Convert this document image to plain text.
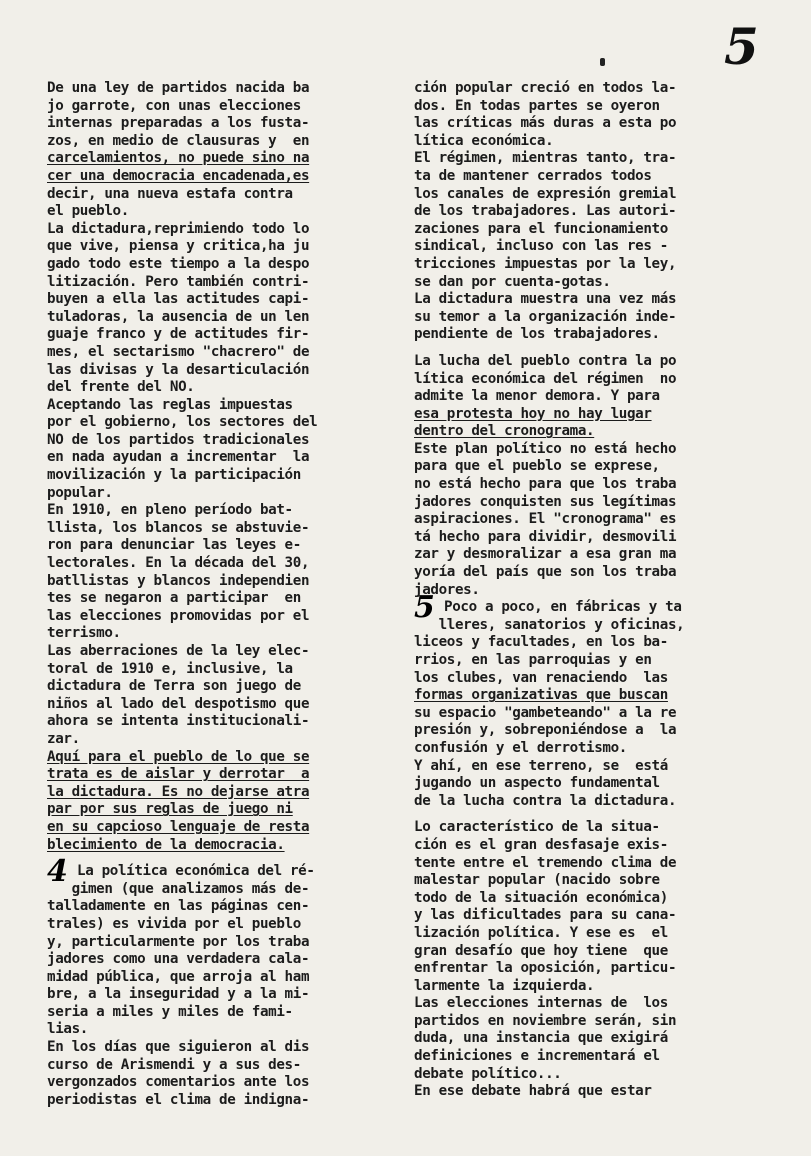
5
De una ley de partidos nacida ba
jo garrote, con unas elecciones
internas preparadas a los fusta-
zos, en medio de clausuras y  en
carcelamientos, no puede sino na
cer una democracia encadenada,es
decir, una nueva estafa contra
el pueblo.
La dictadura,reprimiendo todo lo
que vive, piensa y critica,ha ju
gado todo este tiempo a la despo
litización. Pero también contri-
buyen a ella las actitudes capi-
tuladoras, la ausencia de un len
guaje franco y de actitudes fir-
mes, el sectarismo "chacrero" de
las divisas y la desarticulación
del frente del NO.
Aceptando las reglas impuestas
por el gobierno, los sectores del
NO de los partidos tradicionales
en nada ayudan a incrementar  la
movilización y la participación
popular.
En 1910, en pleno período bat-
llista, los blancos se abstuvie-
ron para denunciar las leyes e-
lectorales. En la década del 30,
batllistas y blancos independien
tes se negaron a participar  en
las elecciones promovidas por el
terrismo.
Las aberraciones de la ley elec-
toral de 1910 e, inclusive, la
dictadura de Terra son juego de
niños al lado del despotismo que
ahora se intenta institucionali-
zar.
Aquí para el pueblo de lo que se
trata es de aislar y derrotar  a
la dictadura. Es no dejarse atra
par por sus reglas de juego ni
en su capcioso lenguaje de resta
blecimiento de la democracia.
4 La política económica del ré-
gimen (que analizamos más de-
talladamente en las páginas cen-
trales) es vivida por el pueblo
y, particularmente por los traba
jadores como una verdadera cala-
midad pública, que arroja al ham
bre, a la inseguridad y a la mi-
seria a miles y miles de fami-
lias.
En los días que siguieron al dis
curso de Arismendi y a sus des-
vergonzados comentarios ante los
periodistas el clima de indigna-
ción popular creció en todos la-
dos. En todas partes se oyeron
las críticas más duras a esta po
lítica económica.
El régimen, mientras tanto, tra-
ta de mantener cerrados todos
los canales de expresión gremial
de los trabajadores. Las autori-
zaciones para el funcionamiento
sindical, incluso con las res -
tricciones impuestas por la ley,
se dan por cuenta-gotas.
La dictadura muestra una vez más
su temor a la organización inde-
pendiente de los trabajadores.
La lucha del pueblo contra la po
lítica económica del régimen  no
admite la menor demora. Y para
esa protesta hoy no hay lugar
dentro del cronograma.
Este plan político no está hecho
para que el pueblo se exprese,
no está hecho para que los traba
jadores conquisten sus legítimas
aspiraciones. El "cronograma" es
tá hecho para dividir, desmovili
zar y desmoralizar a esa gran ma
yoría del país que son los traba
jadores.
5 Poco a poco, en fábricas y ta
lleres, sanatorios y oficinas,
liceos y facultades, en los ba-
rrios, en las parroquias y en
los clubes, van renaciendo  las
formas organizativas que buscan
su espacio "gambeteando" a la re
presión y, sobreponiéndose a  la
confusión y el derrotismo.
Y ahí, en ese terreno, se  está
jugando un aspecto fundamental
de la lucha contra la dictadura.
Lo característico de la situa-
ción es el gran desfasaje exis-
tente entre el tremendo clima de
malestar popular (nacido sobre
todo de la situación económica)
y las dificultades para su cana-
lización política. Y ese es  el
gran desafío que hoy tiene  que
enfrentar la oposición, particu-
larmente la izquierda.
Las elecciones internas de  los
partidos en noviembre serán, sin
duda, una instancia que exigirá
definiciones e incrementará el
debate político...
En ese debate habrá que estar
